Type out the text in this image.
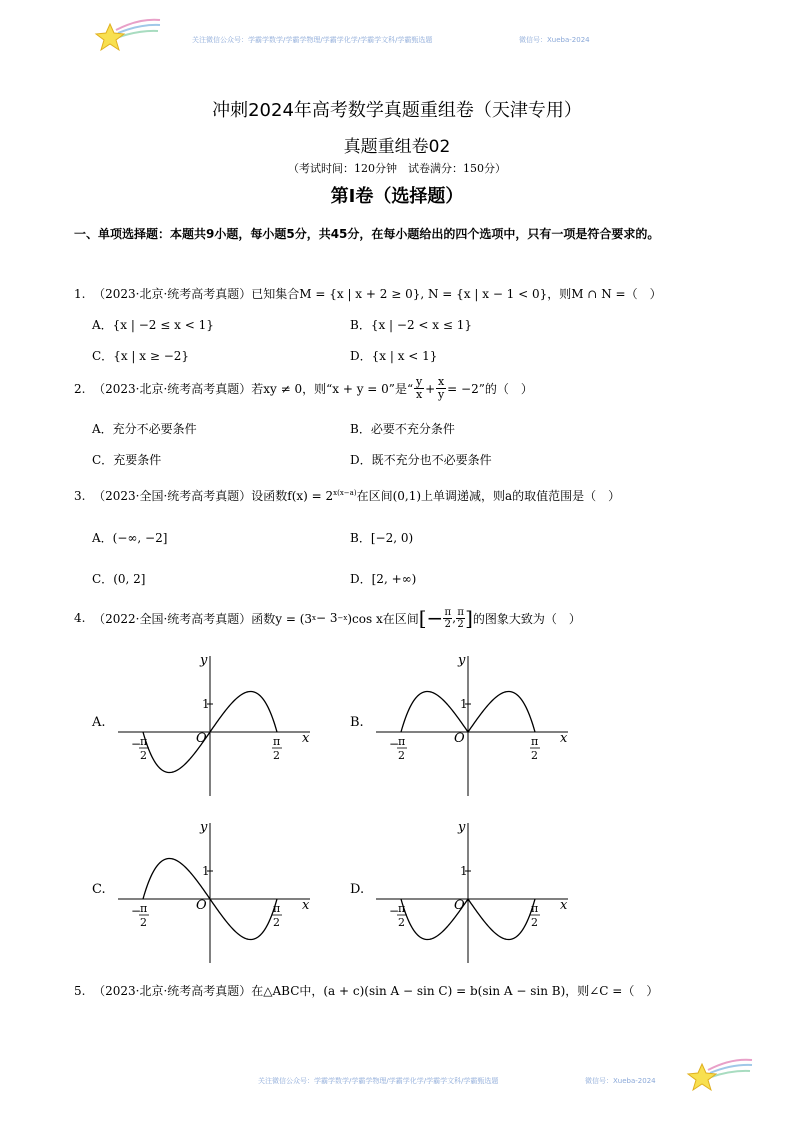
关注微信公众号：学霸学数学/学霸学物理/学霸学化学/学霸学文科/学霸甄选题	微信号：Xueba-2024
冲刺2024年高考数学真题重组卷（天津专用）
真题重组卷02
（考试时间：120分钟　试卷满分：150分）
第I卷（选择题）
一、单项选择题：本题共9小题，每小题5分，共45分，在每小题给出的四个选项中，只有一项是符合要求的。
1. （2023·北京·统考高考真题）已知集合M = {x | x + 2 ≥ 0}, N = {x | x − 1 < 0}，则M ∩ N =（　）
A．{x | −2 ≤ x < 1}	B．{x | −2 < x ≤ 1}
C．{x | x ≥ −2}	D．{x | x < 1}
2.
（2023·北京·统考高考真题）若xy ≠ 0，则“x + y = 0”是“
y
$x + \frac{x}{y} = -2$”的（　）
A．充分不必要条件	B．必要不充分条件
C．充要条件	D．既不充分也不必要条件
3. （2023·全国·统考高考真题）设函数$f(x) = 2^{x(x-a)}$在区间(0,1)上单调递减，则a的取值范围是（　）
A．(−∞, −2]	B．[−2, 0)
C．(0, 2]	D．[2, +∞)
4.
（2022·全国·统考高考真题）函数y = (3 x − 3 −x )cos x在区间 [− $\frac{\pi}{2}$ , π
2 ] 的图象大致为（　）
A.	B.
C.	D.
y
x
O
1
−
π
2
π
2
y
x
O
1
−
π
2
π
2
y
x
O
1
−
π
2
π
2
y
x
O
1
−
π
2
π
2
5. （2023·北京·统考高考真题）在△ABC中，(a + c)(sin A − sin C) = b(sin A − sin B)，则∠C =（　）
关注微信公众号：学霸学数学/学霸学物理/学霸学化学/学霸学文科/学霸甄选题	微信号：Xueba-2024
